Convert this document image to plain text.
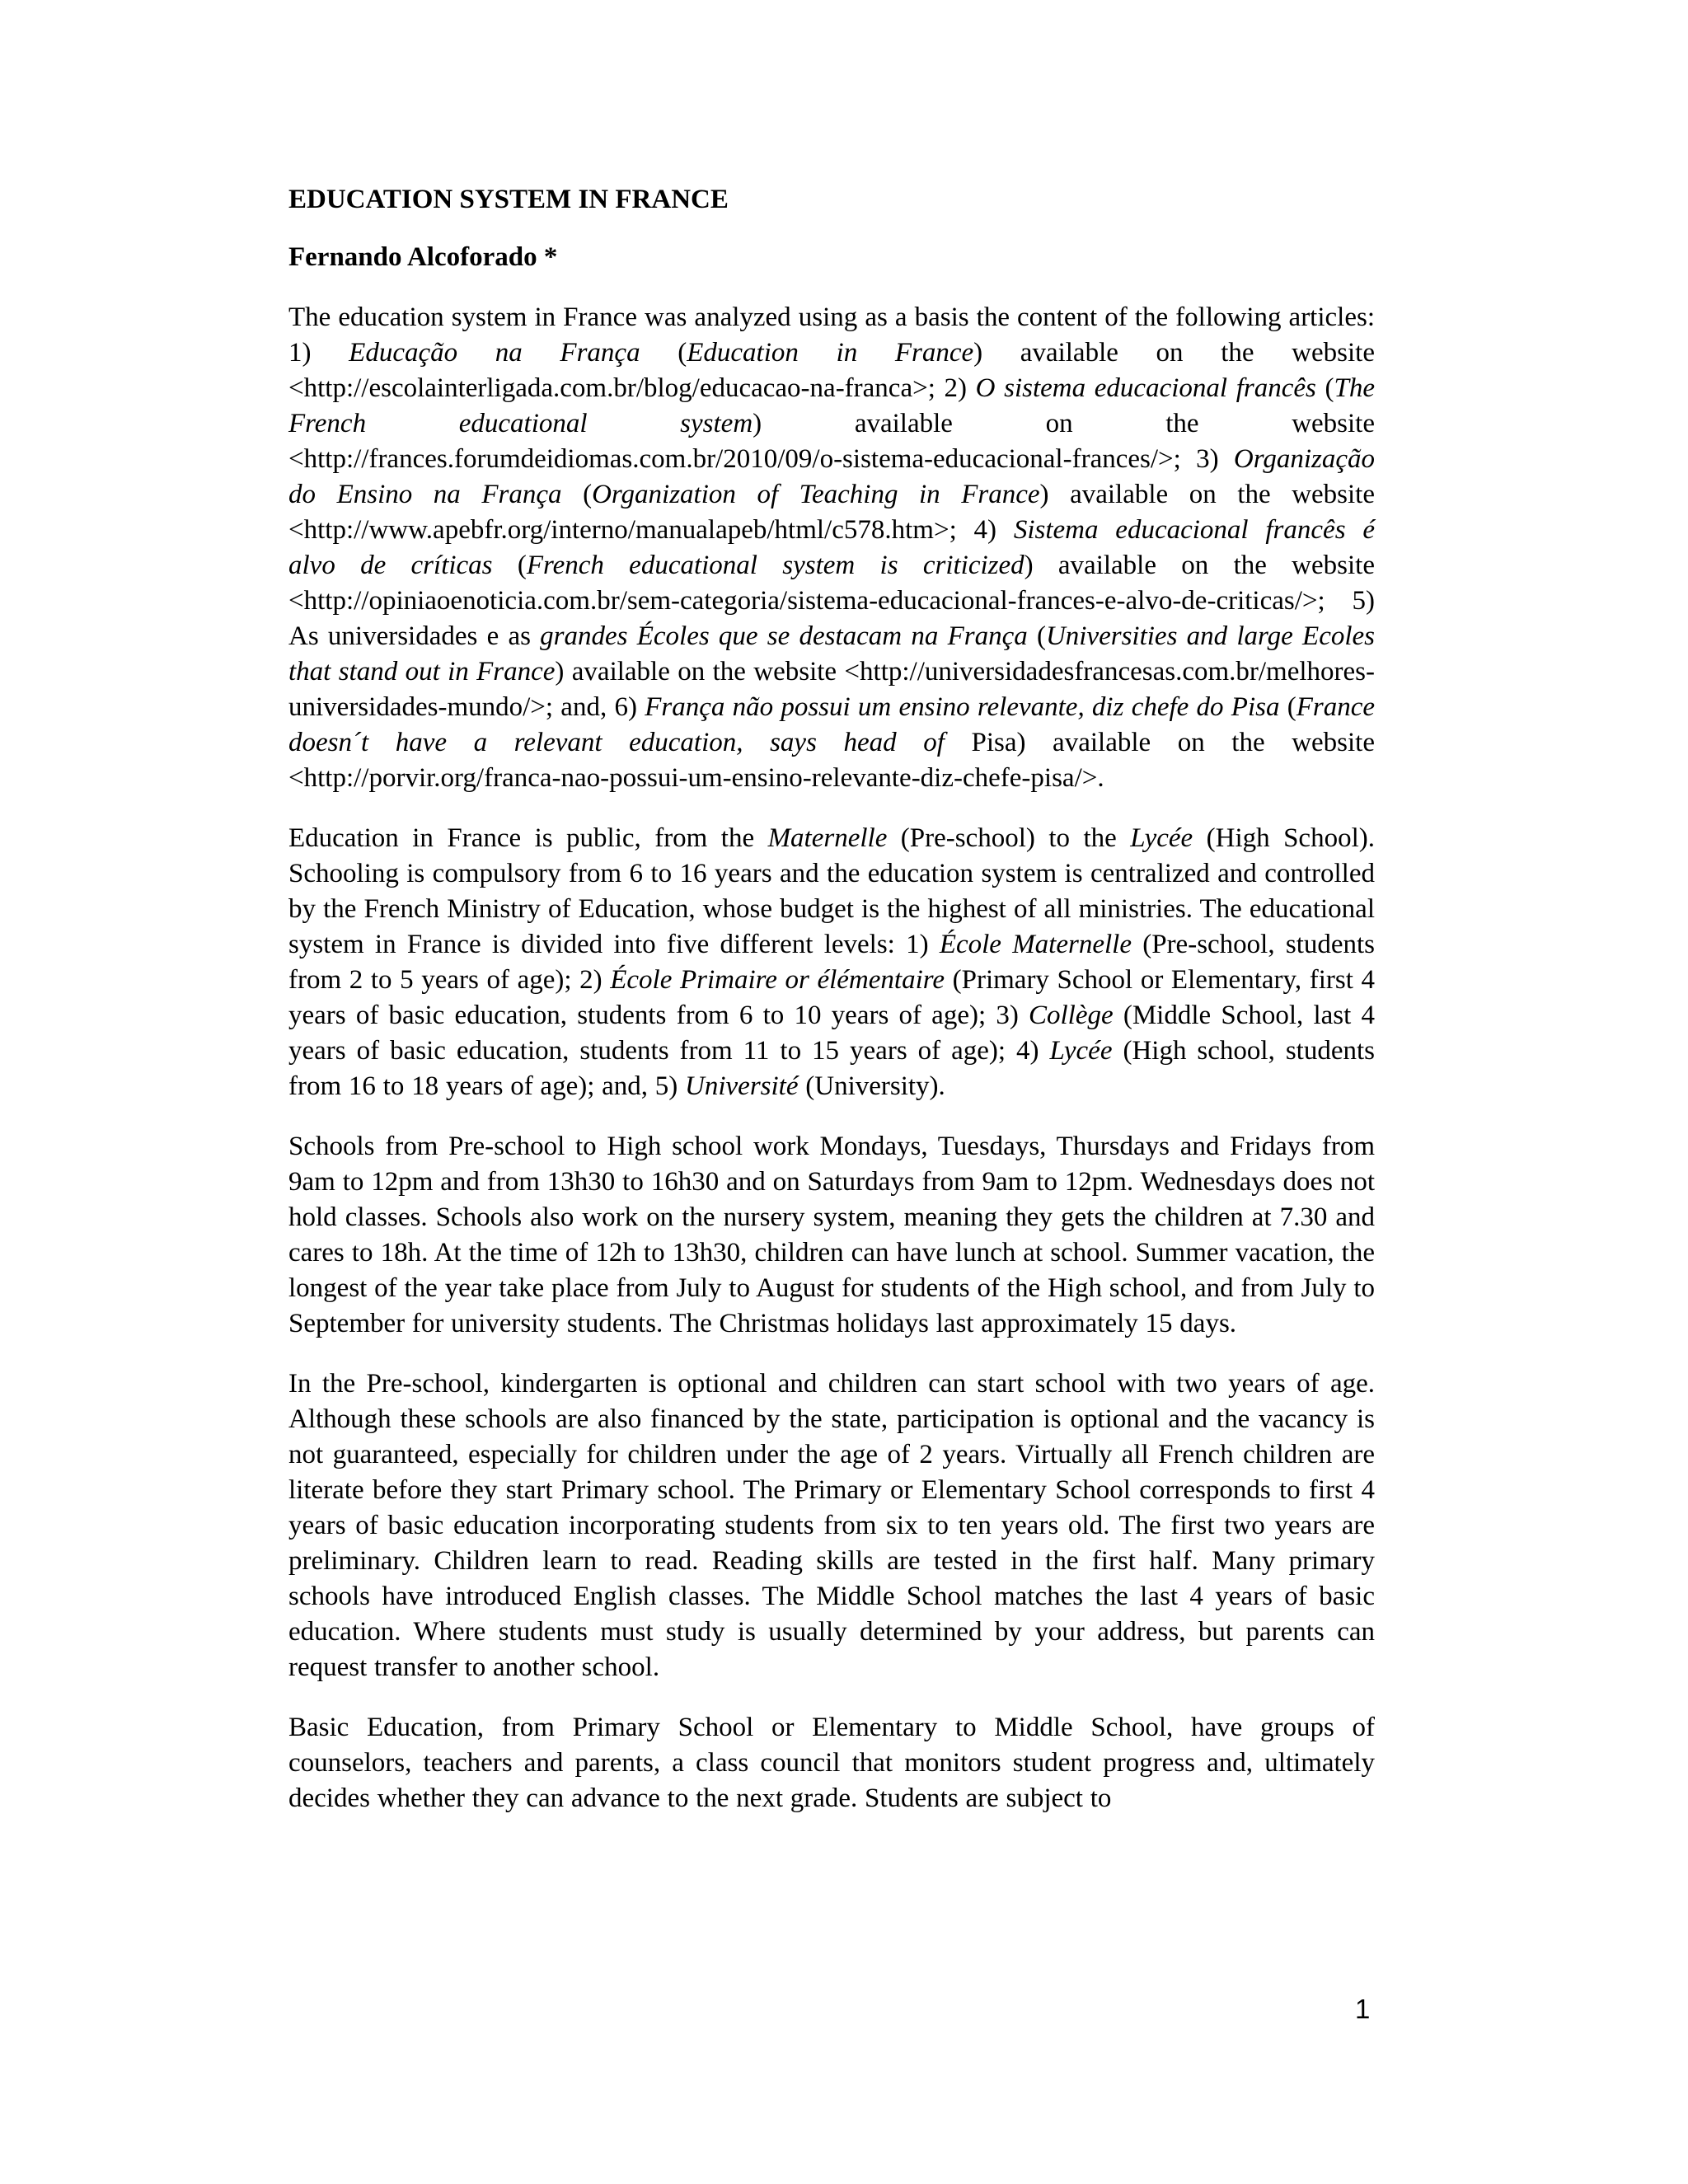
EDUCATION SYSTEM IN FRANCE
Fernando Alcoforado *

The education system in France was analyzed using as a basis the content of the following articles: 1) Educação na França (Education in France) available on the website <http://escolainterligada.com.br/blog/educacao-na-franca>; 2) O sistema educacional francês (The French educational system) available on the website <http://frances.forumdeidiomas.com.br/2010/09/o-sistema-educacional-frances/>; 3) Organização do Ensino na França (Organization of Teaching in France) available on the website <http://www.apebfr.org/interno/manualapeb/html/c578.htm>; 4) Sistema educacional francês é alvo de críticas (French educational system is criticized) available on the website <http://opiniaoenoticia.com.br/sem-categoria/sistema-educacional-frances-e-alvo-de-criticas/>; 5) As universidades e as grandes Écoles que se destacam na França (Universities and large Ecoles that stand out in France) available on the website <http://universidadesfrancesas.com.br/melhores-universidades-mundo/>; and, 6) França não possui um ensino relevante, diz chefe do Pisa (France doesn´t have a relevant education, says head of Pisa) available on the website <http://porvir.org/franca-nao-possui-um-ensino-relevante-diz-chefe-pisa/>.

Education in France is public, from the Maternelle (Pre-school) to the Lycée (High School). Schooling is compulsory from 6 to 16 years and the education system is centralized and controlled by the French Ministry of Education, whose budget is the highest of all ministries. The educational system in France is divided into five different levels: 1) École Maternelle (Pre-school, students from 2 to 5 years of age); 2) École Primaire or élémentaire (Primary School or Elementary, first 4 years of basic education, students from 6 to 10 years of age); 3) Collège (Middle School, last 4 years of basic education, students from 11 to 15 years of age); 4) Lycée (High school, students from 16 to 18 years of age); and, 5) Université (University).

Schools from Pre-school to High school work Mondays, Tuesdays, Thursdays and Fridays from 9am to 12pm and from 13h30 to 16h30 and on Saturdays from 9am to 12pm. Wednesdays does not hold classes. Schools also work on the nursery system, meaning they gets the children at 7.30 and cares to 18h. At the time of 12h to 13h30, children can have lunch at school. Summer vacation, the longest of the year take place from July to August for students of the High school, and from July to September for university students. The Christmas holidays last approximately 15 days.

In the Pre-school, kindergarten is optional and children can start school with two years of age. Although these schools are also financed by the state, participation is optional and the vacancy is not guaranteed, especially for children under the age of 2 years. Virtually all French children are literate before they start Primary school. The Primary or Elementary School corresponds to first 4 years of basic education incorporating students from six to ten years old. The first two years are preliminary. Children learn to read. Reading skills are tested in the first half. Many primary schools have introduced English classes. The Middle School matches the last 4 years of basic education. Where students must study is usually determined by your address, but parents can request transfer to another school.

Basic Education, from Primary School or Elementary to Middle School, have groups of counselors, teachers and parents, a class council that monitors student progress and, ultimately decides whether they can advance to the next grade. Students are subject to

1
